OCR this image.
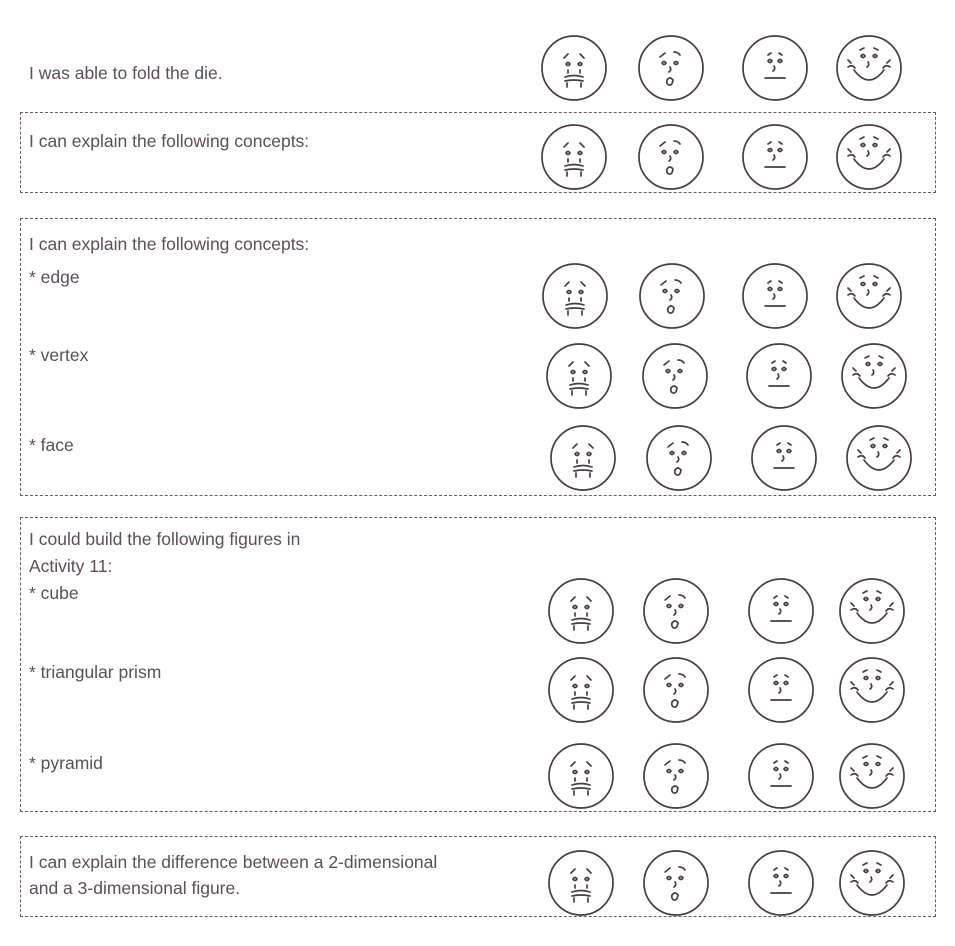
I was able to fold the die.
I can explain the following concepts:
I can explain the following concepts:
* edge
* vertex
* face
I could build the following figures in
Activity 11:
* cube
* triangular prism
* pyramid
I can explain the difference between a 2-dimensional
and a 3-dimensional figure.
